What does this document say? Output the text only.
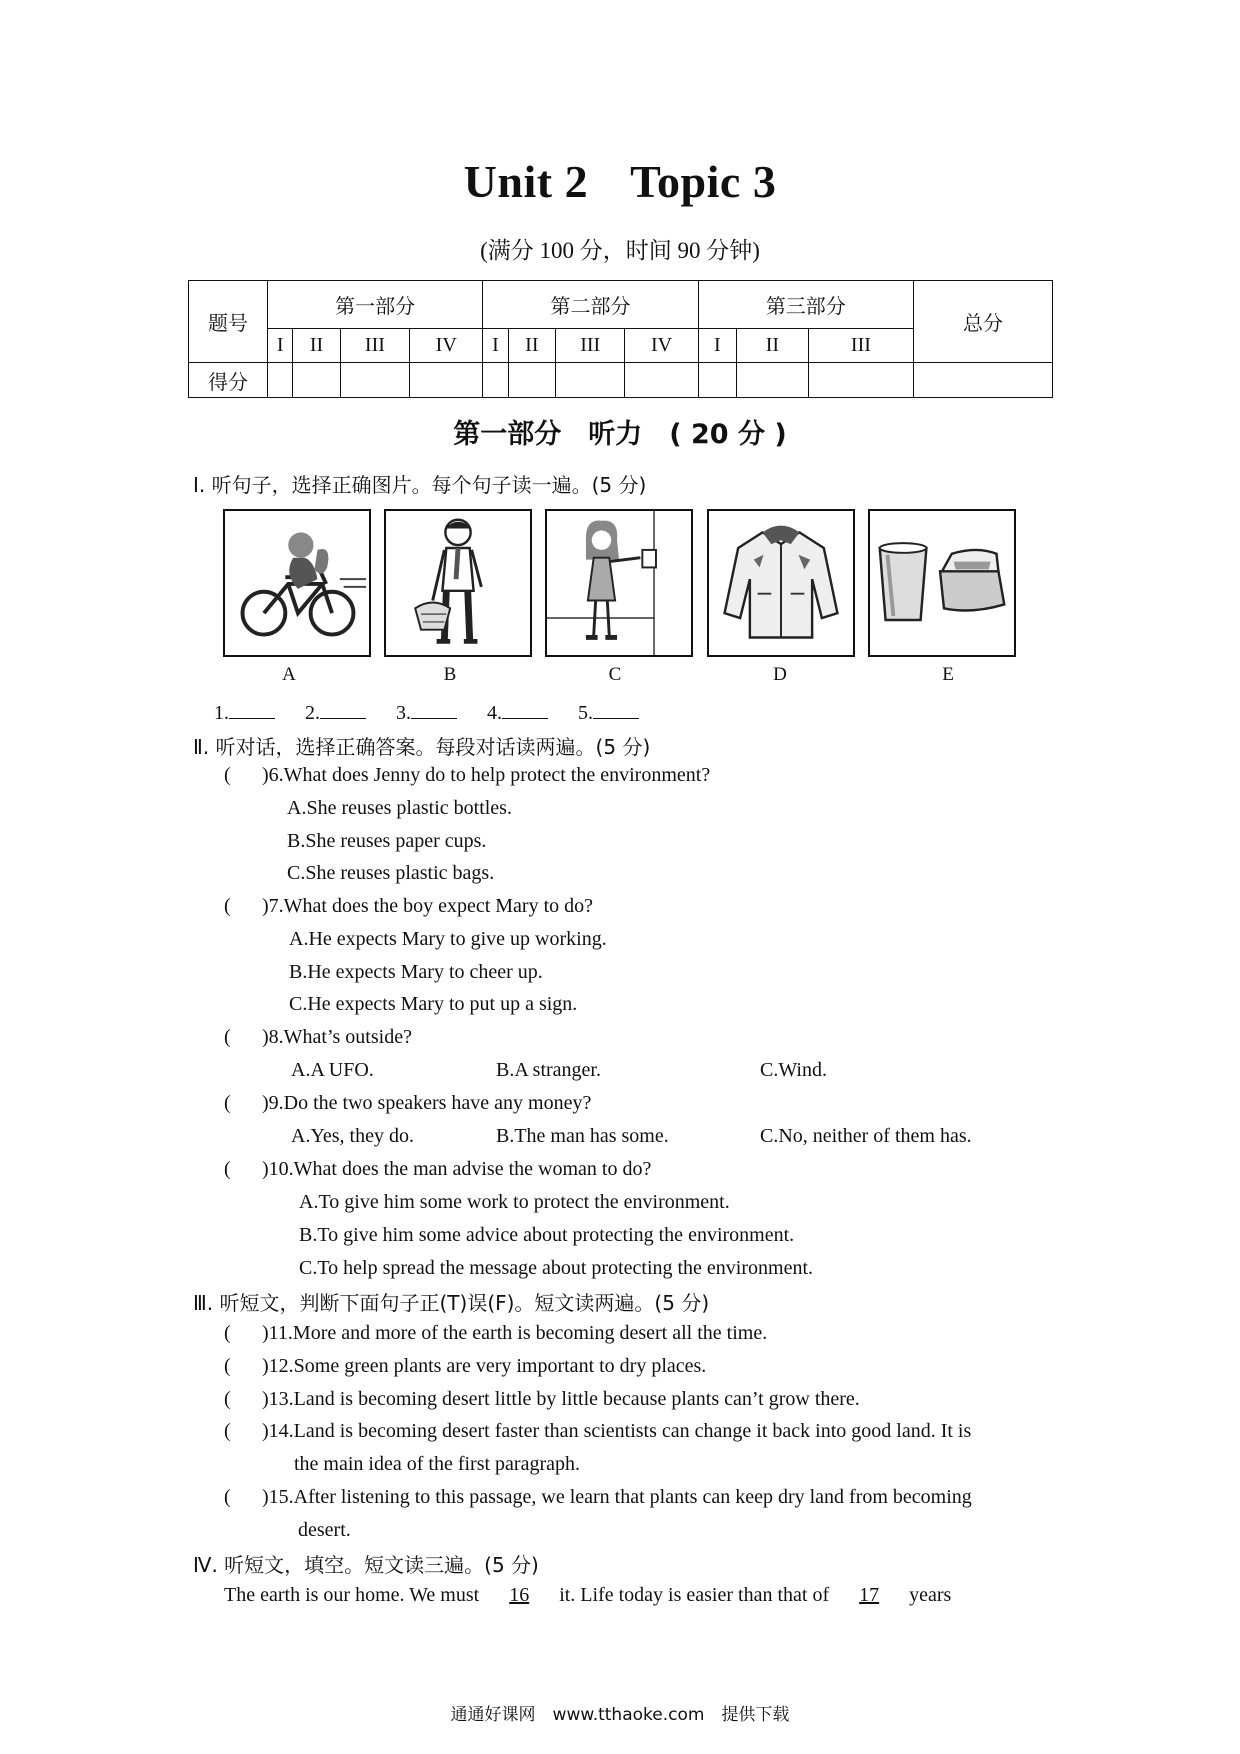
Unit 2 Topic 3
(满分 100 分，时间 90 分钟)
题号	第一部分				第二部分				第三部分			总分
	I	II	III	IV	I	II	III	IV	I	II	III	
得分												
第一部分　听力　( 20 分 )
Ⅰ. 听句子，选择正确图片。每个句子读一遍。(5 分)
A	B	C	D	E
1.	2.	3.	4.	5.
Ⅱ. 听对话，选择正确答案。每段对话读两遍。(5 分)
( )6.What does Jenny do to help protect the environment?
A.She reuses plastic bottles.
B.She reuses paper cups.
C.She reuses plastic bags.
( )7.What does the boy expect Mary to do?
A.He expects Mary to give up working.
B.He expects Mary to cheer up.
C.He expects Mary to put up a sign.
( )8.What’s outside?
A.A UFO.	B.A stranger.	C.Wind.
( )9.Do the two speakers have any money?
A.Yes, they do.	B.The man has some.	C.No, neither of them has.
( )10.What does the man advise the woman to do?
A.To give him some work to protect the environment.
B.To give him some advice about protecting the environment.
C.To help spread the message about protecting the environment.
Ⅲ. 听短文，判断下面句子正(T)误(F)。短文读两遍。(5 分)
( )11.More and more of the earth is becoming desert all the time.
( )12.Some green plants are very important to dry places.
( )13.Land is becoming desert little by little because plants can’t grow there.
( )14.Land is becoming desert faster than scientists can change it back into good land. It is
the main idea of the first paragraph.
( )15.After listening to this passage, we learn that plants can keep dry land from becoming
desert.
Ⅳ. 听短文，填空。短文读三遍。(5 分)
The earth is our home. We must 16 it. Life today is easier than that of 17 years
通通好课网　www.tthaoke.com　提供下载
